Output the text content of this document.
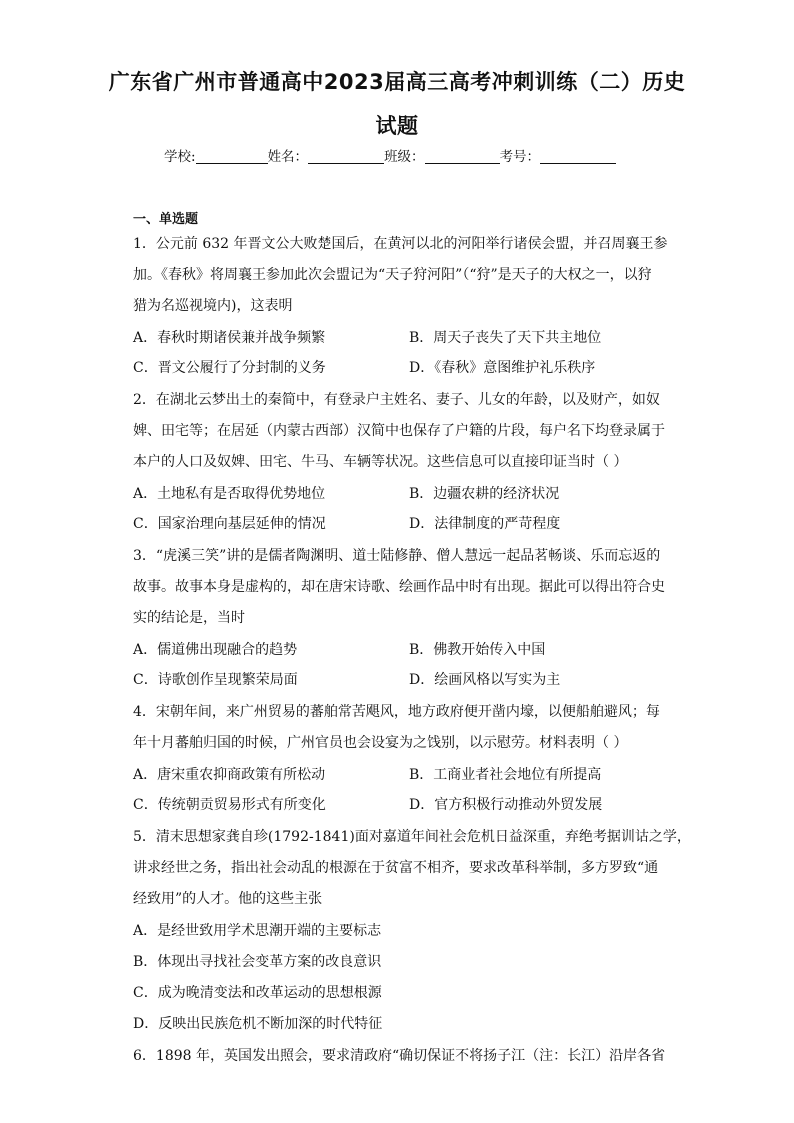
广东省广州市普通高中2023届高三高考冲刺训练（二）历史
试题
学校:	姓名：	班级：	考号：
一、单选题
1．公元前 632 年晋文公大败楚国后，在黄河以北的河阳举行诸侯会盟，并召周襄王参
加。《春秋》将周襄王参加此次会盟记为“天子狩河阳”（“狩”是天子的大权之一，以狩
猎为名巡视境内)，这表明
A．春秋时期诸侯兼并战争频繁	B．周天子丧失了天下共主地位
C．晋文公履行了分封制的义务	D．《春秋》意图维护礼乐秩序
2．在湖北云梦出土的秦简中，有登录户主姓名、妻子、儿女的年龄，以及财产，如奴
婢、田宅等；在居延（内蒙古西部）汉简中也保存了户籍的片段，每户名下均登录属于
本户的人口及奴婢、田宅、牛马、车辆等状况。这些信息可以直接印证当时（ ）
A．土地私有是否取得优势地位	B．边疆农耕的经济状况
C．国家治理向基层延伸的情况	D．法律制度的严苛程度
3．“虎溪三笑”讲的是儒者陶渊明、道士陆修静、僧人慧远一起品茗畅谈、乐而忘返的
故事。故事本身是虚构的，却在唐宋诗歌、绘画作品中时有出现。据此可以得出符合史
实的结论是，当时
A．儒道佛出现融合的趋势	B．佛教开始传入中国
C．诗歌创作呈现繁荣局面	D．绘画风格以写实为主
4．宋朝年间，来广州贸易的蕃舶常苦飓风，地方政府便开凿内壕，以便船舶避风；每
年十月蕃舶归国的时候，广州官员也会设宴为之饯别，以示慰劳。材料表明（ ）
A．唐宋重农抑商政策有所松动	B．工商业者社会地位有所提高
C．传统朝贡贸易形式有所变化	D．官方积极行动推动外贸发展
5．清末思想家龚自珍(1792-1841)面对嘉道年间社会危机日益深重，弃绝考据训诂之学，
讲求经世之务，指出社会动乱的根源在于贫富不相齐，要求改革科举制，多方罗致“通
经致用”的人才。他的这些主张
A．是经世致用学术思潮开端的主要标志
B．体现出寻找社会变革方案的改良意识
C．成为晚清变法和改革运动的思想根源
D．反映出民族危机不断加深的时代特征
6．1898 年，英国发出照会，要求清政府“确切保证不将扬子江（注：长江）沿岸各省
